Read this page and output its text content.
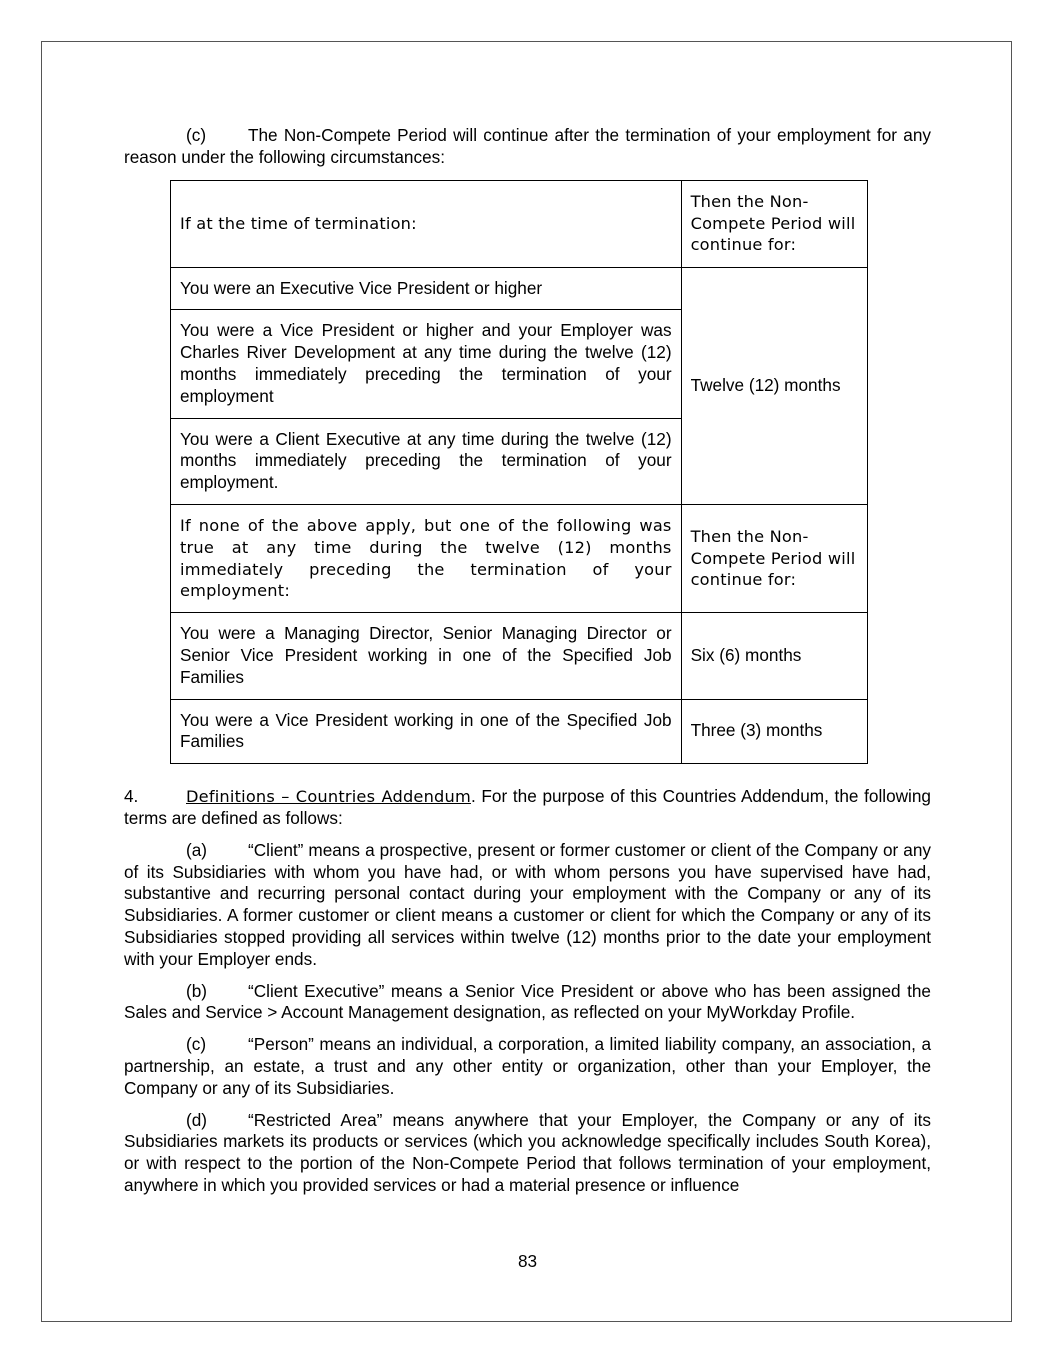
(c) The Non-Compete Period will continue after the termination of your employment for any reason under the following circumstances:

If at the time of termination:	Then the Non-Compete Period will continue for:
You were an Executive Vice President or higher	Twelve (12) months
You were a Vice President or higher and your Employer was Charles River Development at any time during the twelve (12) months immediately preceding the termination of your employment	
You were a Client Executive at any time during the twelve (12) months immediately preceding the termination of your employment.	
If none of the above apply, but one of the following was true at any time during the twelve (12) months immediately preceding the termination of your employment:	Then the Non-Compete Period will continue for:
You were a Managing Director, Senior Managing Director or Senior Vice President working in one of the Specified Job Families	Six (6) months
You were a Vice President working in one of the Specified Job Families	Three (3) months

4.	Definitions – Countries Addendum. For the purpose of this Countries Addendum, the following terms are defined as follows:

(a) “Client” means a prospective, present or former customer or client of the Company or any of its Subsidiaries with whom you have had, or with whom persons you have supervised have had, substantive and recurring personal contact during your employment with the Company or any of its Subsidiaries. A former customer or client means a customer or client for which the Company or any of its Subsidiaries stopped providing all services within twelve (12) months prior to the date your employment with your Employer ends.

(b) “Client Executive” means a Senior Vice President or above who has been assigned the Sales and Service > Account Management designation, as reflected on your MyWorkday Profile.

(c) “Person” means an individual, a corporation, a limited liability company, an association, a partnership, an estate, a trust and any other entity or organization, other than your Employer, the Company or any of its Subsidiaries.

(d) “Restricted Area” means anywhere that your Employer, the Company or any of its Subsidiaries markets its products or services (which you acknowledge specifically includes South Korea), or with respect to the portion of the Non-Compete Period that follows termination of your employment, anywhere in which you provided services or had a material presence or influence

83
